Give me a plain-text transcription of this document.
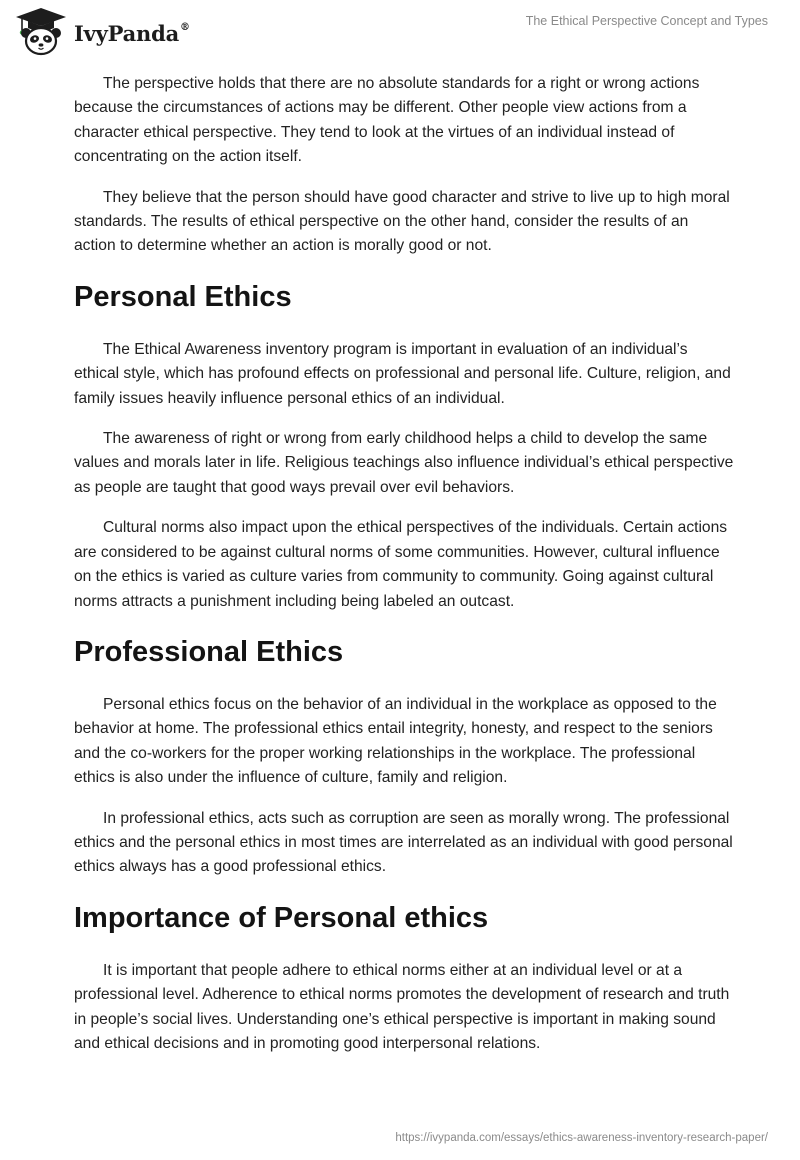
IvyPanda®	The Ethical Perspective Concept and Types

The perspective holds that there are no absolute standards for a right or wrong actions because the circumstances of actions may be different. Other people view actions from a character ethical perspective. They tend to look at the virtues of an individual instead of concentrating on the action itself.

They believe that the person should have good character and strive to live up to high moral standards. The results of ethical perspective on the other hand, consider the results of an action to determine whether an action is morally good or not.

Personal Ethics

The Ethical Awareness inventory program is important in evaluation of an individual’s ethical style, which has profound effects on professional and personal life. Culture, religion, and family issues heavily influence personal ethics of an individual.

The awareness of right or wrong from early childhood helps a child to develop the same values and morals later in life. Religious teachings also influence individual’s ethical perspective as people are taught that good ways prevail over evil behaviors.

Cultural norms also impact upon the ethical perspectives of the individuals. Certain actions are considered to be against cultural norms of some communities. However, cultural influence on the ethics is varied as culture varies from community to community. Going against cultural norms attracts a punishment including being labeled an outcast.

Professional Ethics

Personal ethics focus on the behavior of an individual in the workplace as opposed to the behavior at home. The professional ethics entail integrity, honesty, and respect to the seniors and the co-workers for the proper working relationships in the workplace. The professional ethics is also under the influence of culture, family and religion.

In professional ethics, acts such as corruption are seen as morally wrong. The professional ethics and the personal ethics in most times are interrelated as an individual with good personal ethics always has a good professional ethics.

Importance of Personal ethics

It is important that people adhere to ethical norms either at an individual level or at a professional level. Adherence to ethical norms promotes the development of research and truth in people’s social lives. Understanding one’s ethical perspective is important in making sound and ethical decisions and in promoting good interpersonal relations.

https://ivypanda.com/essays/ethics-awareness-inventory-research-paper/
